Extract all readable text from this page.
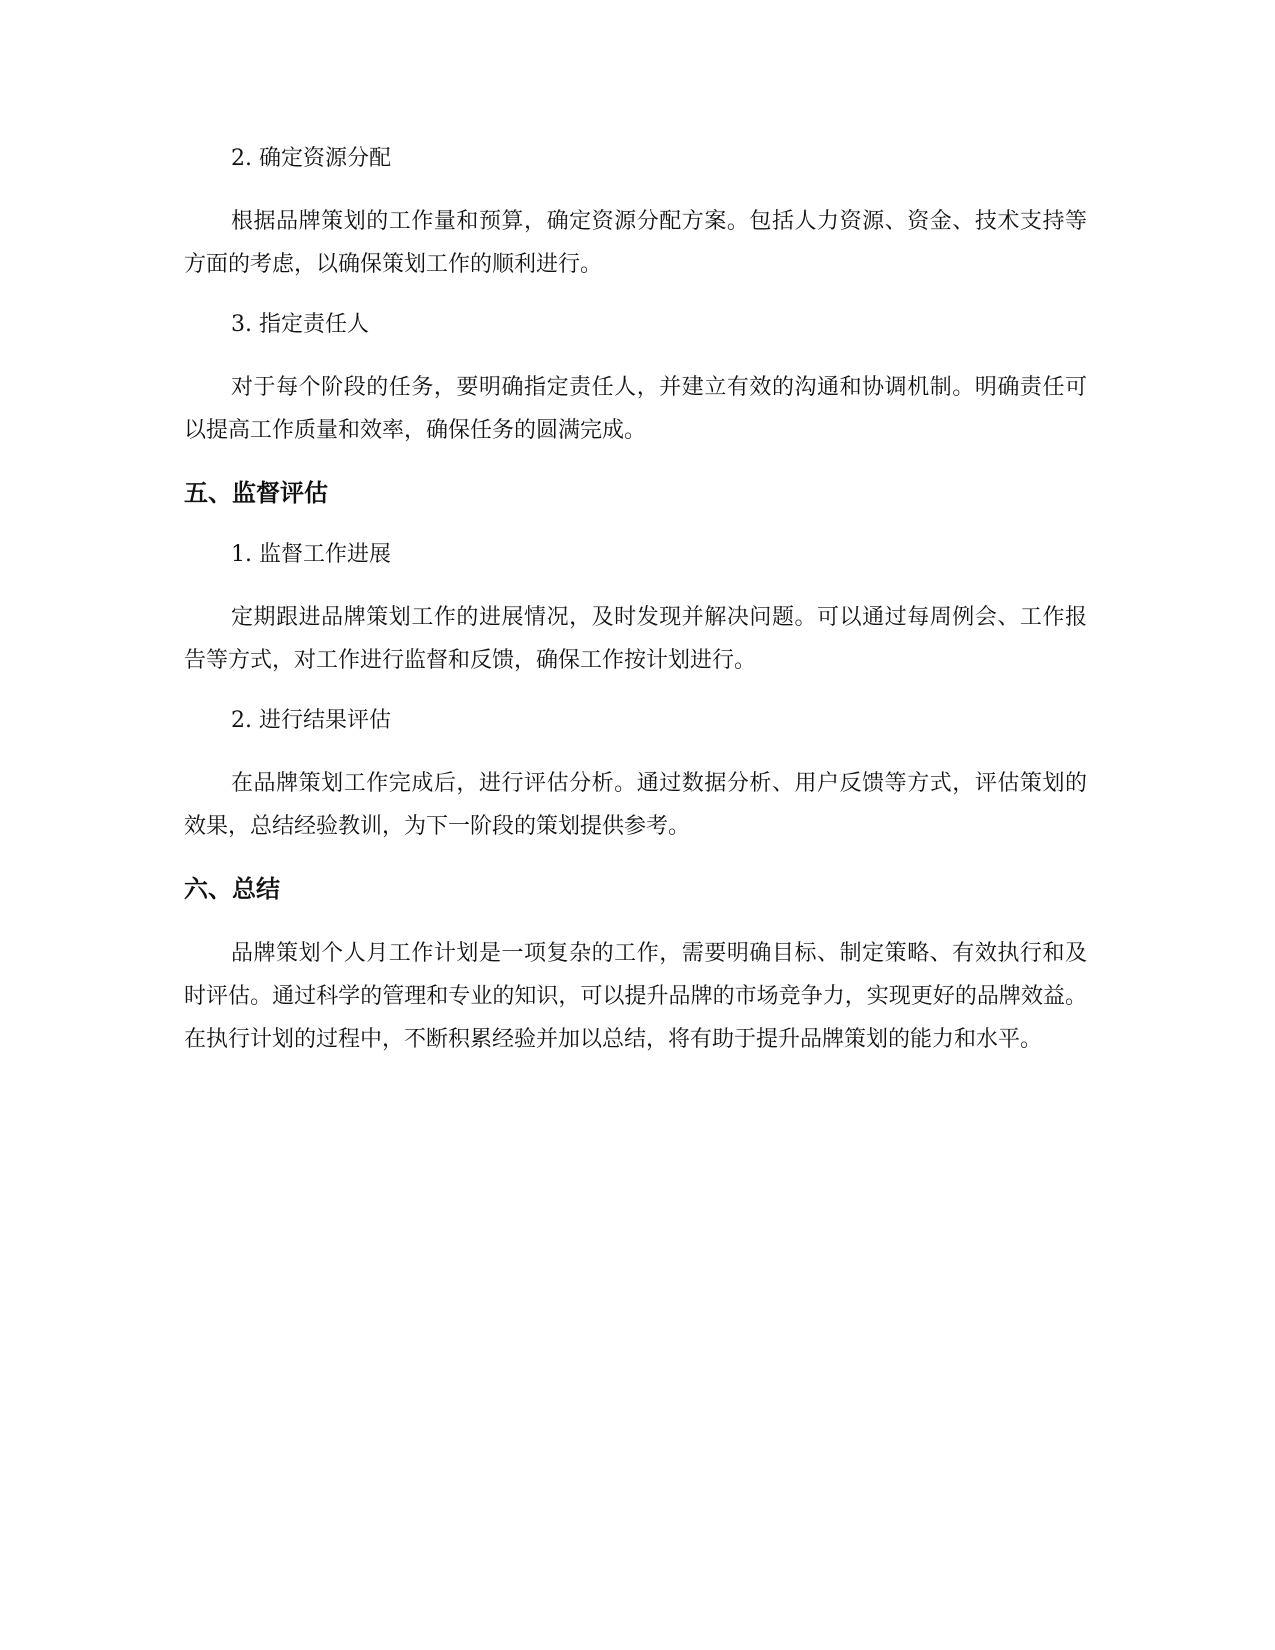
2. 确定资源分配

根据品牌策划的工作量和预算，确定资源分配方案。包括人力资源、资金、技术支持等方面的考虑，以确保策划工作的顺利进行。

3. 指定责任人

对于每个阶段的任务，要明确指定责任人，并建立有效的沟通和协调机制。明确责任可以提高工作质量和效率，确保任务的圆满完成。

五、监督评估

1. 监督工作进展

定期跟进品牌策划工作的进展情况，及时发现并解决问题。可以通过每周例会、工作报告等方式，对工作进行监督和反馈，确保工作按计划进行。

2. 进行结果评估

在品牌策划工作完成后，进行评估分析。通过数据分析、用户反馈等方式，评估策划的效果，总结经验教训，为下一阶段的策划提供参考。

六、总结

品牌策划个人月工作计划是一项复杂的工作，需要明确目标、制定策略、有效执行和及时评估。通过科学的管理和专业的知识，可以提升品牌的市场竞争力，实现更好的品牌效益。在执行计划的过程中，不断积累经验并加以总结，将有助于提升品牌策划的能力和水平。
